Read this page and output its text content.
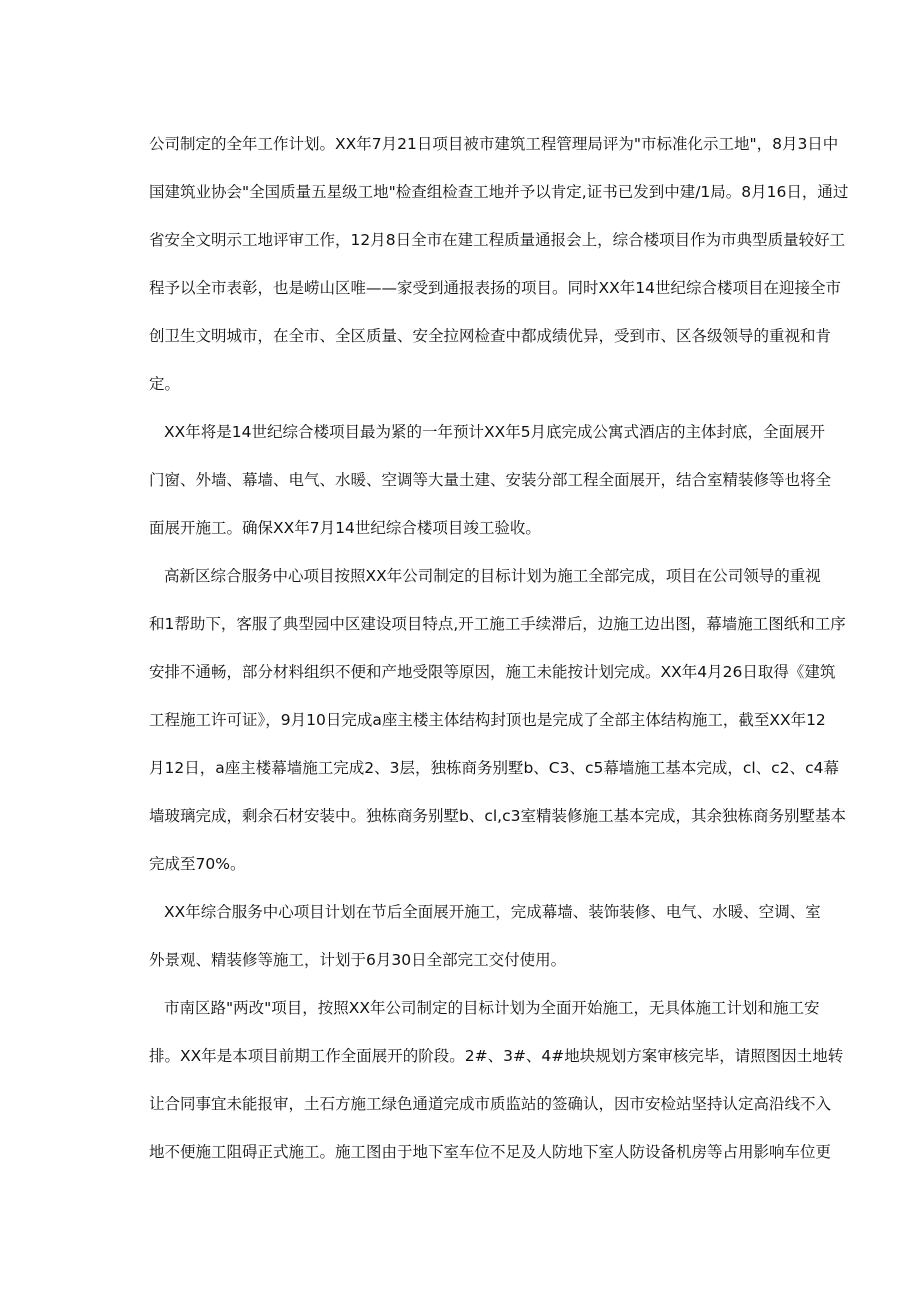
公司制定的全年工作计划。XX年7月21日项目被市建筑工程管理局评为"市标准化示工地"，8月3日中
国建筑业协会"全国质量五星级工地"检查组检查工地并予以肯定,证书已发到中建/1局。8月16日，通过
省安全文明示工地评审工作，12月8日全市在建工程质量通报会上，综合楼项目作为市典型质量较好工
程予以全市表彰，也是崂山区唯——家受到通报表扬的项目。同时XX年14世纪综合楼项目在迎接全市
创卫生文明城市，在全市、全区质量、安全拉网检查中都成绩优异，受到市、区各级领导的重视和肯
定。
XX年将是14世纪综合楼项目最为紧的一年预计XX年5月底完成公寓式酒店的主体封底，全面展开
门窗、外墙、幕墙、电气、水暖、空调等大量土建、安装分部工程全面展开，结合室精装修等也将全
面展开施工。确保XX年7月14世纪综合楼项目竣工验收。
高新区综合服务中心项目按照XX年公司制定的目标计划为施工全部完成，项目在公司领导的重视
和1帮助下，客服了典型园中区建设项目特点,开工施工手续滞后，边施工边出图，幕墙施工图纸和工序
安排不通畅，部分材料组织不便和产地受限等原因，施工未能按计划完成。XX年4月26日取得《建筑
工程施工许可证》，9月10日完成a座主楼主体结构封顶也是完成了全部主体结构施工，截至XX年12
月12日，a座主楼幕墙施工完成2、3层，独栋商务别墅b、C3、c5幕墙施工基本完成，cl、c2、c4幕
墙玻璃完成，剩余石材安装中。独栋商务别墅b、cl,c3室精装修施工基本完成，其余独栋商务别墅基本
完成至70%。
XX年综合服务中心项目计划在节后全面展开施工，完成幕墙、装饰装修、电气、水暖、空调、室
外景观、精装修等施工，计划于6月30日全部完工交付使用。
市南区路"两改"项目，按照XX年公司制定的目标计划为全面开始施工，无具体施工计划和施工安
排。XX年是本项目前期工作全面展开的阶段。2#、3#、4#地块规划方案审核完毕，请照图因土地转
让合同事宜未能报审，土石方施工绿色通道完成市质监站的签确认，因市安检站坚持认定高沿线不入
地不便施工阻碍正式施工。施工图由于地下室车位不足及人防地下室人防设备机房等占用影响车位更
